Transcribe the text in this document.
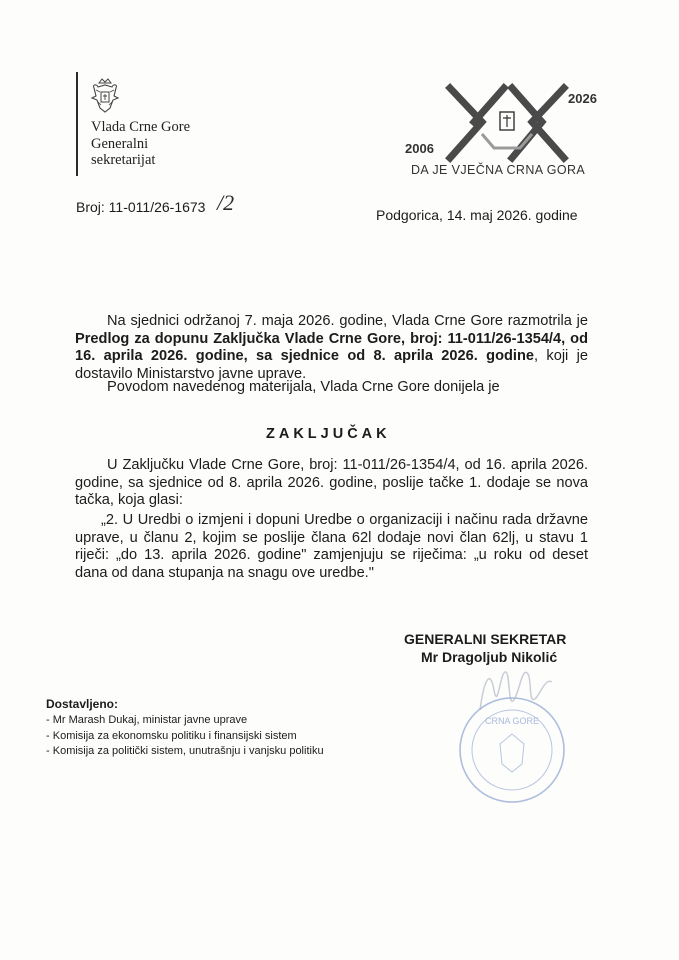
Vlada Crne Gore
Generalni
sekretarijat
2026
2006
DA JE VJEČNA CRNA GORA
Broj: 11-011/26-1673 /2	Podgorica, 14. maj 2026. godine
Na sjednici održanoj 7. maja 2026. godine, Vlada Crne Gore razmotrila je Predlog za dopunu Zaključka Vlade Crne Gore, broj: 11-011/26-1354/4, od 16. aprila 2026. godine, sa sjednice od 8. aprila 2026. godine, koji je dostavilo Ministarstvo javne uprave.
Povodom navedenog materijala, Vlada Crne Gore donijela je
ZAKLJUČAK
U Zaključku Vlade Crne Gore, broj: 11-011/26-1354/4, od 16. aprila 2026. godine, sa sjednice od 8. aprila 2026. godine, poslije tačke 1. dodaje se nova tačka, koja glasi:
„2. U Uredbi o izmjeni i dopuni Uredbe o organizaciji i načinu rada državne uprave, u članu 2, kojim se poslije člana 62l dodaje novi član 62lj, u stavu 1 riječi: „do 13. aprila 2026. godine" zamjenjuju se riječima: „u roku od deset dana od dana stupanja na snagu ove uredbe."
GENERALNI SEKRETAR
Mr Dragoljub Nikolić
CRNA GORE
Dostavljeno:
- Mr Marash Dukaj, ministar javne uprave
- Komisija za ekonomsku politiku i finansijski sistem
- Komisija za politički sistem, unutrašnju i vanjsku politiku
